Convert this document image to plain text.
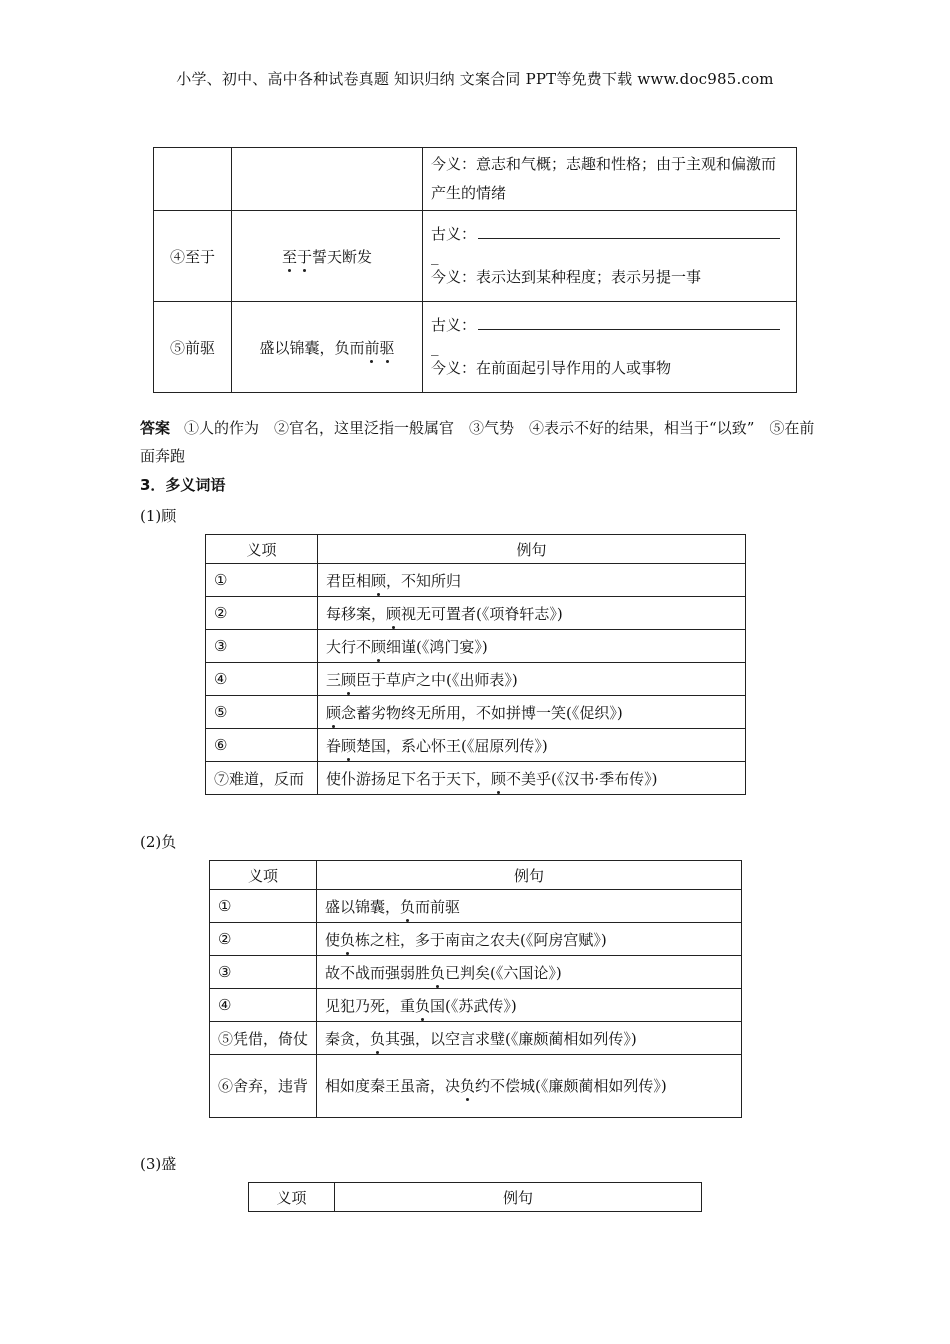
小学、初中、高中各种试卷真题 知识归纳 文案合同 PPT等免费下载 www.doc985.com
		今义：意志和气概；志趣和性格；由于主观和偏激而产生的情绪
④至于	至于誓天断发	古义：
_
今义：表示达到某种程度；表示另提一事

⑤前驱	盛以锦囊，负而前驱	古义：
_
今义：在前面起引导作用的人或事物
答案 ①人的作为　②官名，这里泛指一般属官　③气势　④表示不好的结果，相当于“以致”　⑤在前面奔跑
3．多义词语
(1)顾
义项	例句
①	君臣相顾，不知所归
②	每移案，顾视无可置者(《项脊轩志》)
③	大行不顾细谨(《鸿门宴》)
④	三顾臣于草庐之中(《出师表》)
⑤	顾念蓄劣物终无所用，不如拼博一笑(《促织》)
⑥	眷顾楚国，系心怀王(《屈原列传》)
⑦难道，反而	使仆游扬足下名于天下，顾不美乎(《汉书·季布传》)
(2)负
义项	例句
①	盛以锦囊，负而前驱
②	使负栋之柱，多于南亩之农夫(《阿房宫赋》)
③	故不战而强弱胜负已判矣(《六国论》)
④	见犯乃死，重负国(《苏武传》)
⑤凭借，倚仗	秦贪，负其强，以空言求璧(《廉颇蔺相如列传》)
⑥舍弃，违背	相如度秦王虽斋，决负约不偿城(《廉颇蔺相如列传》)
(3)盛
义项	例句
